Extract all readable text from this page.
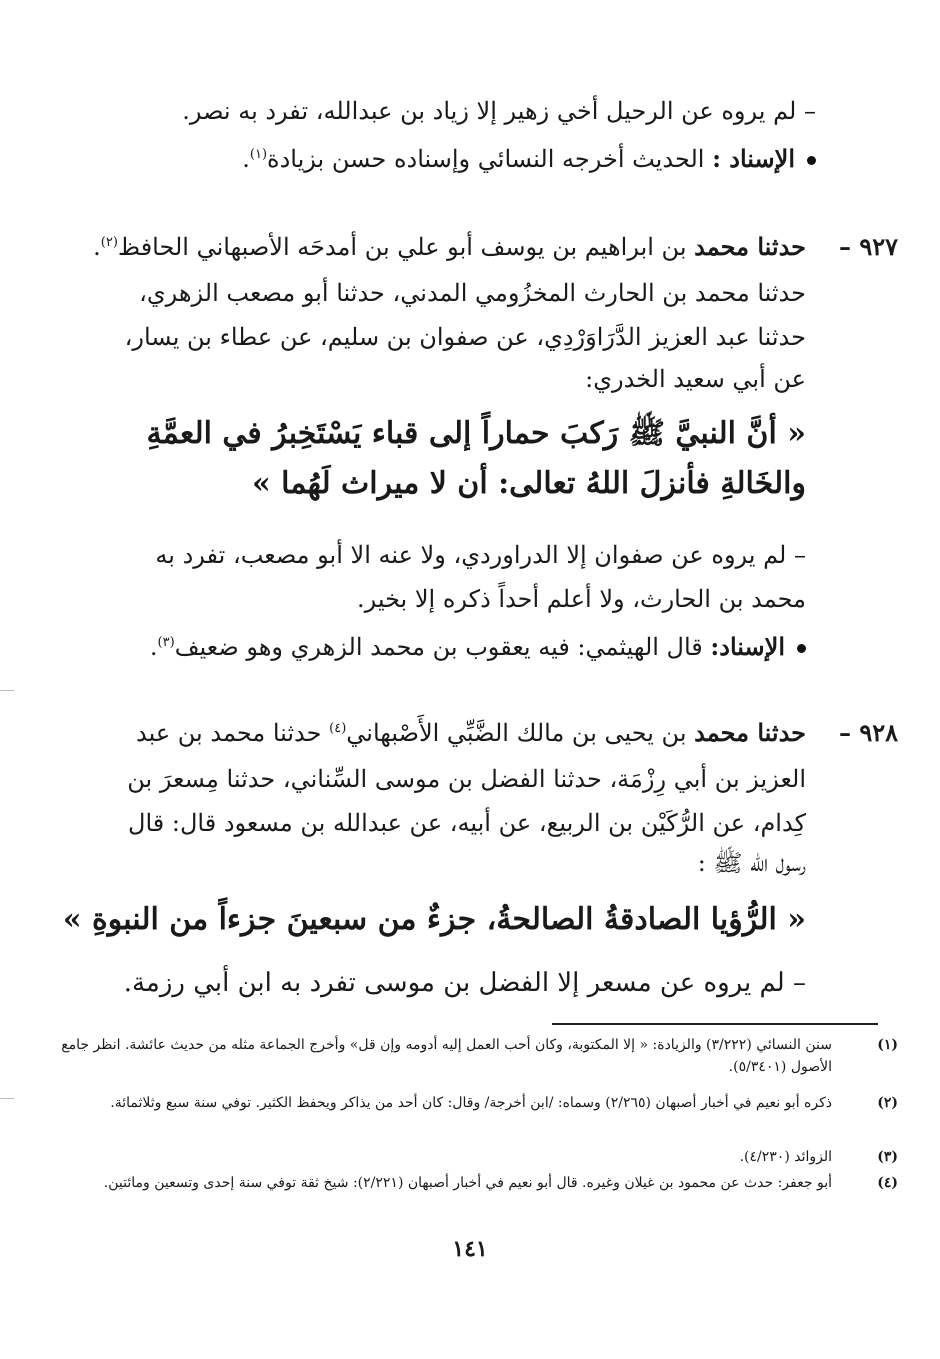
– لم يروه عن الرحيل أخي زهير إلا زياد بن عبدالله، تفرد به نصر.
الإسناد : الحديث أخرجه النسائي وإسناده حسن بزيادة$^{(١)}$.
٩٢٧ –
حدثنا محمد بن ابراهيم بن يوسف أبو علي بن أمدحَه الأصبهاني الحافظ$^{(٢)}$.
حدثنا محمد بن الحارث المخزُومي المدني، حدثنا أبو مصعب الزهري،
حدثنا عبد العزيز الدَّرَاوَرْدِي، عن صفوان بن سليم، عن عطاء بن يسار،
عن أبي سعيد الخدري:
« أنَّ النبيَّ ﷺ رَكبَ حماراً إلى قباء يَسْتَخِبرُ في العمَّةِ
والخَالةِ فأنزلَ اللهُ تعالى: أن لا ميراث لَهُما »
– لم يروه عن صفوان إلا الدراوردي، ولا عنه الا أبو مصعب، تفرد به
محمد بن الحارث، ولا أعلم أحداً ذكره إلا بخير.
الإسناد: قال الهيثمي: فيه يعقوب بن محمد الزهري وهو ضعيف$^{(٣)}$.
٩٢٨ –
حدثنا محمد بن يحيى بن مالك الضَّبِّي الأَصْبهاني$^{(٤)}$ حدثنا محمد بن عبد
العزيز بن أبي رِزْمَة، حدثنا الفضل بن موسى السِّناني، حدثنا مِسعرَ بن
كِدام، عن الرُّكَيْن بن الربيع، عن أبيه، عن عبدالله بن مسعود قال: قال
رسول الله ﷺ :
« الرُّؤيا الصادقةُ الصالحةُ، جزءٌ من سبعينَ جزءاً من النبوةِ »
– لم يروه عن مسعر إلا الفضل بن موسى تفرد به ابن أبي رزمة.
(١)
سنن النسائي (٣/٢٢٢) والزيادة: « إلا المكتوبة، وكان أحب العمل إليه أدومه وإن قل» وأخرج الجماعة مثله من حديث عائشة. انظر جامع الأصول (٥/٣٤٠١).
(٢)
ذكره أبو نعيم في أخبار أصبهان (٢/٢٦٥) وسماه: /ابن أخرجة/ وقال: كان أحد من يذاكر ويحفظ الكثير. توفي سنة سبع وثلاثمائة.
(٣)
الزوائد (٤/٢٣٠).
(٤)
أبو جعفر: حدث عن محمود بن غيلان وغيره. قال أبو نعيم في أخبار أصبهان (٢/٢٢١): شيخ ثقة توفي سنة إحدى وتسعين ومائتين.
١٤١
